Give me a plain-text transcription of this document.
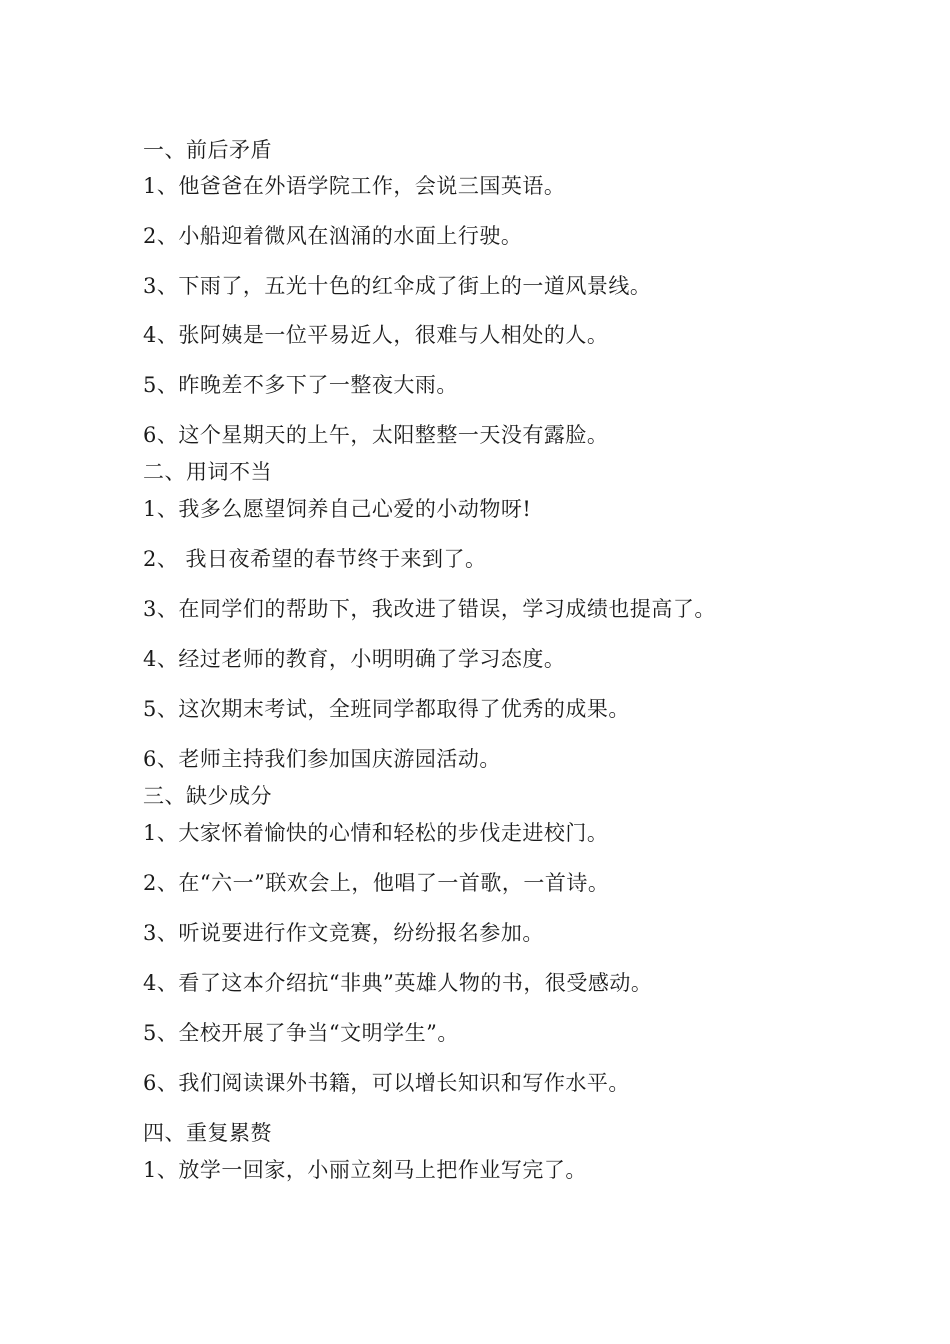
一、前后矛盾
1、他爸爸在外语学院工作，会说三国英语。
2、小船迎着微风在汹涌的水面上行驶。
3、下雨了，五光十色的红伞成了街上的一道风景线。
4、张阿姨是一位平易近人，很难与人相处的人。
5、昨晚差不多下了一整夜大雨。
6、这个星期天的上午，太阳整整一天没有露脸。
二、用词不当
1、我多么愿望饲养自己心爱的小动物呀!
2、 我日夜希望的春节终于来到了。
3、在同学们的帮助下，我改进了错误，学习成绩也提高了。
4、经过老师的教育，小明明确了学习态度。
5、这次期末考试，全班同学都取得了优秀的成果。
6、老师主持我们参加国庆游园活动。
三、缺少成分
1、大家怀着愉快的心情和轻松的步伐走进校门。
2、在“六一”联欢会上，他唱了一首歌，一首诗。
3、听说要进行作文竞赛，纷纷报名参加。
4、看了这本介绍抗“非典”英雄人物的书，很受感动。
5、全校开展了争当“文明学生”。
6、我们阅读课外书籍，可以增长知识和写作水平。
四、重复累赘
1、放学一回家，小丽立刻马上把作业写完了。
